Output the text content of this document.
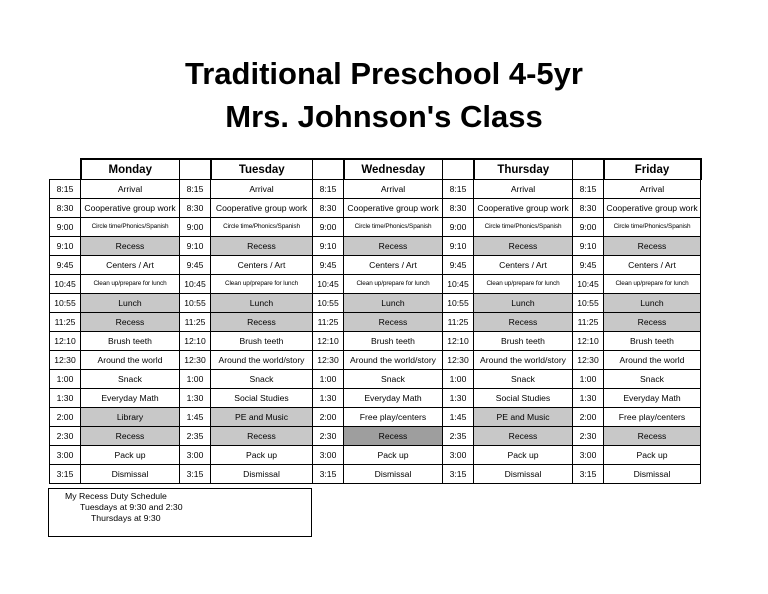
Traditional Preschool 4-5yr
Mrs. Johnson's Class
	Monday		Tuesday		Wednesday		Thursday		Friday
8:15	Arrival	8:15	Arrival	8:15	Arrival	8:15	Arrival	8:15	Arrival
8:30	Cooperative group work	8:30	Cooperative group work	8:30	Cooperative group work	8:30	Cooperative group work	8:30	Cooperative group work
9:00	Circle time/Phonics/Spanish	9:00	Circle time/Phonics/Spanish	9:00	Circle time/Phonics/Spanish	9:00	Circle time/Phonics/Spanish	9:00	Circle time/Phonics/Spanish
9:10	Recess	9:10	Recess	9:10	Recess	9:10	Recess	9:10	Recess
9:45	Centers / Art	9:45	Centers / Art	9:45	Centers / Art	9:45	Centers / Art	9:45	Centers / Art
10:45	Clean up/prepare for lunch	10:45	Clean up/prepare for lunch	10:45	Clean up/prepare for lunch	10:45	Clean up/prepare for lunch	10:45	Clean up/prepare for lunch
10:55	Lunch	10:55	Lunch	10:55	Lunch	10:55	Lunch	10:55	Lunch
11:25	Recess	11:25	Recess	11:25	Recess	11:25	Recess	11:25	Recess
12:10	Brush teeth	12:10	Brush teeth	12:10	Brush teeth	12:10	Brush teeth	12:10	Brush teeth
12:30	Around the world	12:30	Around the world/story	12:30	Around the world/story	12:30	Around the world/story	12:30	Around the world
1:00	Snack	1:00	Snack	1:00	Snack	1:00	Snack	1:00	Snack
1:30	Everyday Math	1:30	Social Studies	1:30	Everyday Math	1:30	Social Studies	1:30	Everyday Math
2:00	Library	1:45	PE and Music	2:00	Free play/centers	1:45	PE and Music	2:00	Free play/centers
2:30	Recess	2:35	Recess	2:30	Recess	2:35	Recess	2:30	Recess
3:00	Pack up	3:00	Pack up	3:00	Pack up	3:00	Pack up	3:00	Pack up
3:15	Dismissal	3:15	Dismissal	3:15	Dismissal	3:15	Dismissal	3:15	Dismissal
My Recess Duty Schedule
Tuesdays at 9:30 and 2:30
Thursdays at 9:30
